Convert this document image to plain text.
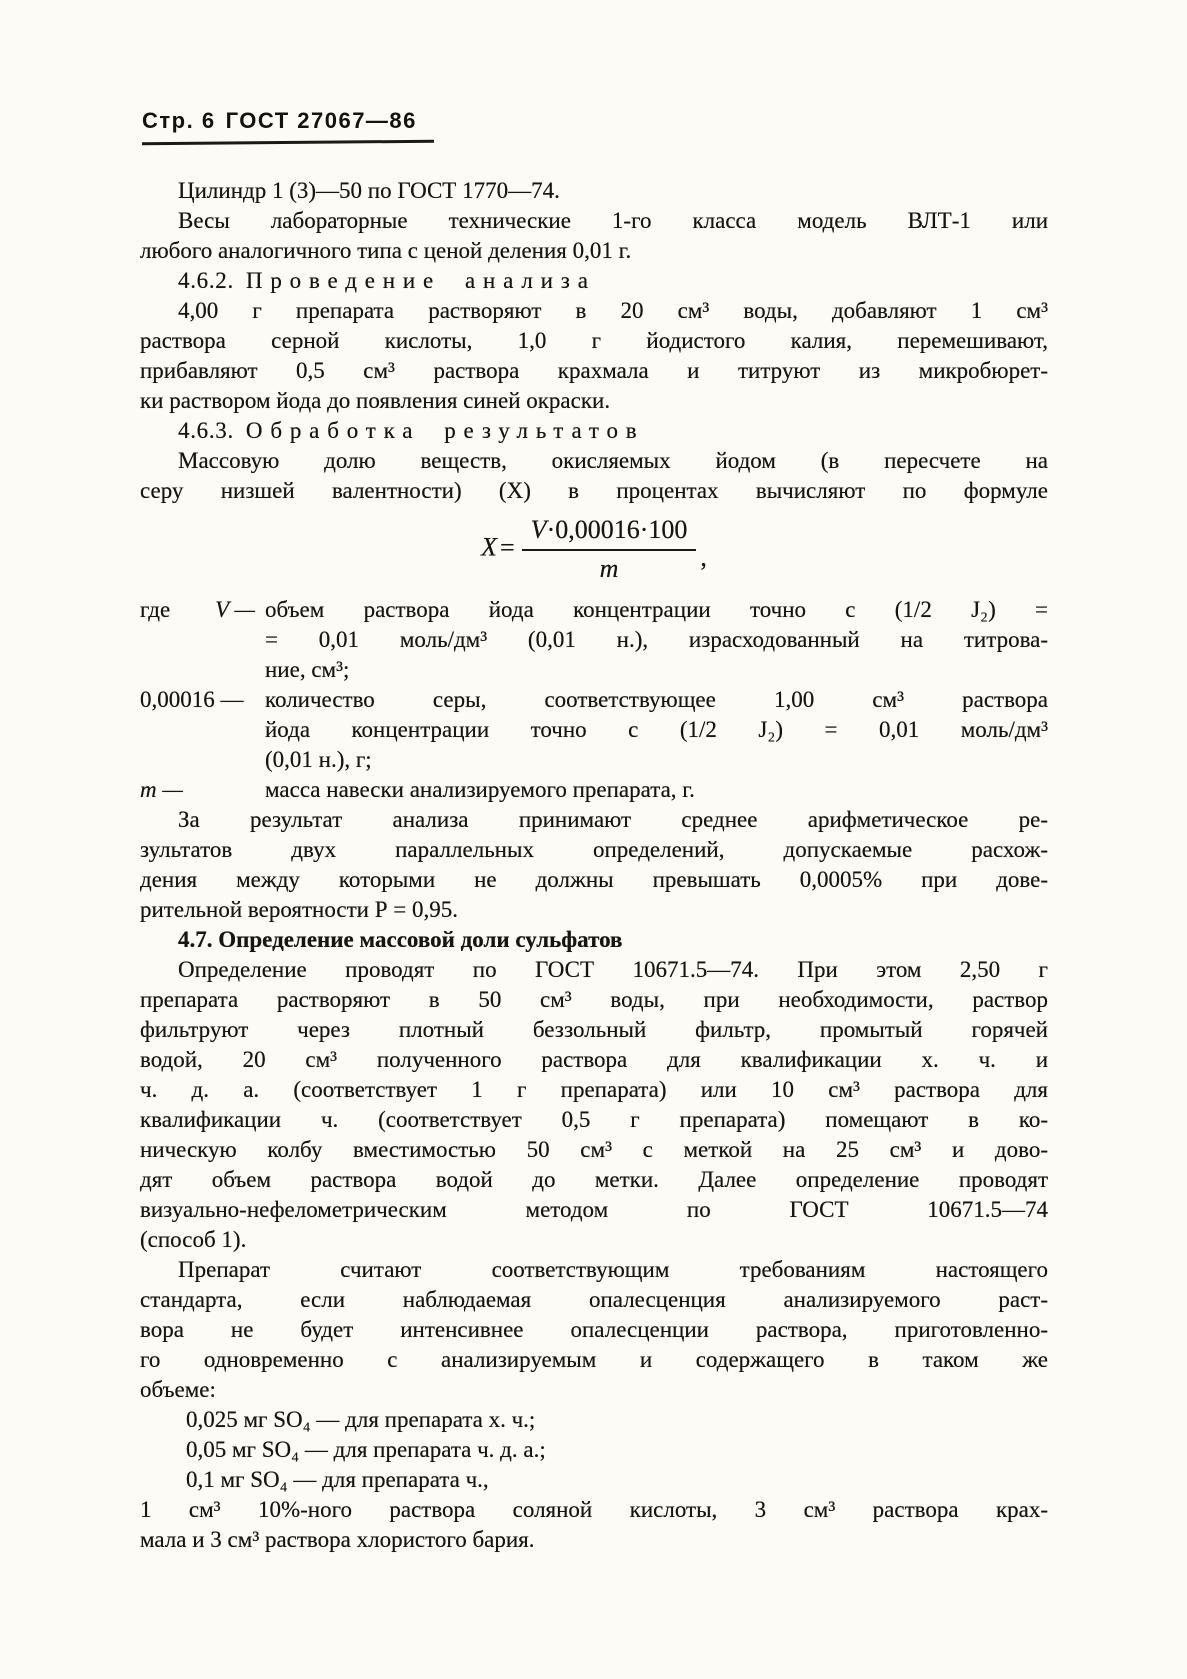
Стр. 6 ГОСТ 27067—86
Цилиндр 1 (3)—50 по ГОСТ 1770—74.
Весы лабораторные технические 1-го класса модель ВЛТ-1 или
любого аналогичного типа с ценой деления 0,01 г.
4.6.2. Проведение анализа
4,00 г препарата растворяют в 20 см³ воды, добавляют 1 см³
раствора серной кислоты, 1,0 г йодистого калия, перемешивают,
прибавляют 0,5 см³ раствора крахмала и титруют из микробюрет-
ки раствором йода до появления синей окраски.
4.6.3. Обработка результатов
Массовую долю веществ, окисляемых йодом (в пересчете на
серу низшей валентности) (X) в процентах вычисляют по формуле
$X = \frac{V\cdot 0,00016\cdot 100}{m}$ ,
где V — объем раствора йода концентрации точно с (1/2 J₂) =
= 0,01 моль/дм³ (0,01 н.), израсходованный на титрова-
ние, см³;
0,00016 — количество серы, соответствующее 1,00 см³ раствора
йода концентрации точно с (1/2 J₂) = 0,01 моль/дм³
(0,01 н.), г;
m —	масса навески анализируемого препарата, г.
За результат анализа принимают среднее арифметическое ре-
зультатов двух параллельных определений, допускаемые расхож-
дения между которыми не должны превышать 0,0005% при дове-
рительной вероятности Р = 0,95.
4.7. Определение массовой доли сульфатов
Определение проводят по ГОСТ 10671.5—74. При этом 2,50 г
препарата растворяют в 50 см³ воды, при необходимости, раствор
фильтруют через плотный беззольный фильтр, промытый горячей
водой, 20 см³ полученного раствора для квалификации х. ч. и
ч. д. а. (соответствует 1 г препарата) или 10 см³ раствора для
квалификации ч. (соответствует 0,5 г препарата) помещают в ко-
ническую колбу вместимостью 50 см³ с меткой на 25 см³ и дово-
дят объем раствора водой до метки. Далее определение проводят
визуально-нефелометрическим методом по ГОСТ 10671.5—74
(способ 1).
Препарат считают соответствующим требованиям настоящего
стандарта, если наблюдаемая опалесценция анализируемого раст-
вора не будет интенсивнее опалесценции раствора, приготовленно-
го одновременно с анализируемым и содержащего в таком же
объеме:
0,025 мг SO₄ — для препарата х. ч.;
0,05 мг SO₄ — для препарата ч. д. а.;
0,1 мг SO₄ — для препарата ч.,
1 см³ 10%-ного раствора соляной кислоты, 3 см³ раствора крах-
мала и 3 см³ раствора хлористого бария.
